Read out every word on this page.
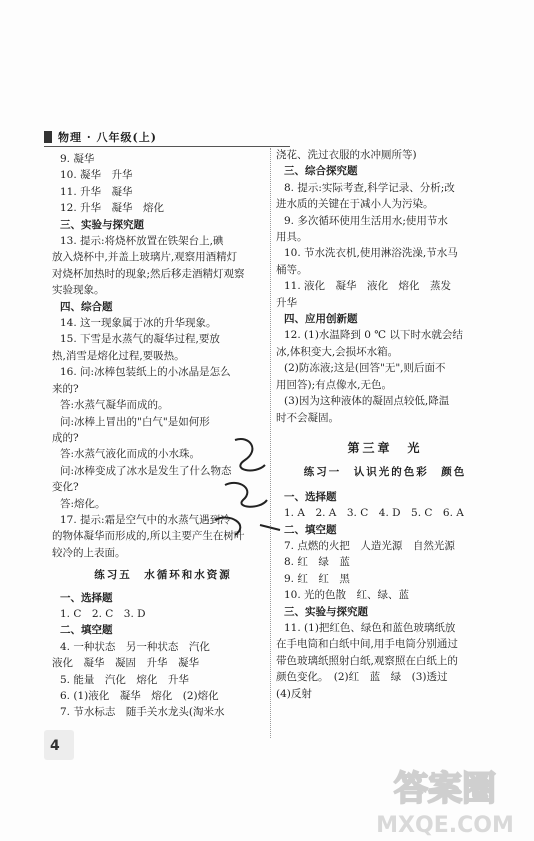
物理 · 八年级(上)

9. 凝华

10. 凝华　升华

11. 升华　凝华

12. 升华　凝华　熔化

三、实验与探究题

13. 提示:将烧杯放置在铁架台上,碘

放入烧杯中,并盖上玻璃片,观察用酒精灯

对烧杯加热时的现象;然后移走酒精灯观察

实验现象。

四、综合题

14. 这一现象属于冰的升华现象。

15. 下雪是水蒸气的凝华过程,要放

热,消雪是熔化过程,要吸热。

16. 问:冰棒包装纸上的小冰晶是怎么

来的?

答:水蒸气凝华而成的。

问:冰棒上冒出的"白气"是如何形

成的?

答:水蒸气液化而成的小水珠。

问:冰棒变成了冰水是发生了什么物态

变化?

答:熔化。

17. 提示:霜是空气中的水蒸气遇到冷

的物体凝华而形成的,所以主要产生在树叶

较冷的上表面。

练习五　水循环和水资源

一、选择题

1. C　2. C　3. D

二、填空题

4. 一种状态　另一种状态　汽化

液化　凝华　凝固　升华　凝华

5. 能量　汽化　熔化　升华

6. (1)液化　凝华　熔化　(2)熔化

7. 节水标志　随手关水龙头(淘米水

浇花、洗过衣服的水冲厕所等)

三、综合探究题

8. 提示:实际考查,科学记录、分析;改

进水质的关键在于减小人为污染。

9. 多次循环使用生活用水;使用节水

用具。

10. 节水洗衣机,使用淋浴洗澡,节水马

桶等。

11. 液化　凝华　液化　熔化　蒸发

升华

四、应用创新题

12. (1)水温降到 0 ℃ 以下时水就会结

冰,体积变大,会损坏水箱。

(2)防冻液;这是(回答"无",则后面不

用回答);有点像水,无色。

(3)因为这种液体的凝固点较低,降温

时不会凝固。

第三章　光

练习一　认识光的色彩　颜色

一、选择题

1. A　2. A　3. C　4. D　5. C　6. A

二、填空题

7. 点燃的火把　人造光源　自然光源

8. 红　绿　蓝

9. 红　红　黑

10. 光的色散　红、绿、蓝

三、实验与探究题

11. (1)把红色、绿色和蓝色玻璃纸放

在手电筒和白纸中间,用手电筒分别通过

带色玻璃纸照射白纸,观察照在白纸上的

颜色变化。　(2)红　蓝　绿　(3)透过

(4)反射

4
答案圈
MXQE.COM
